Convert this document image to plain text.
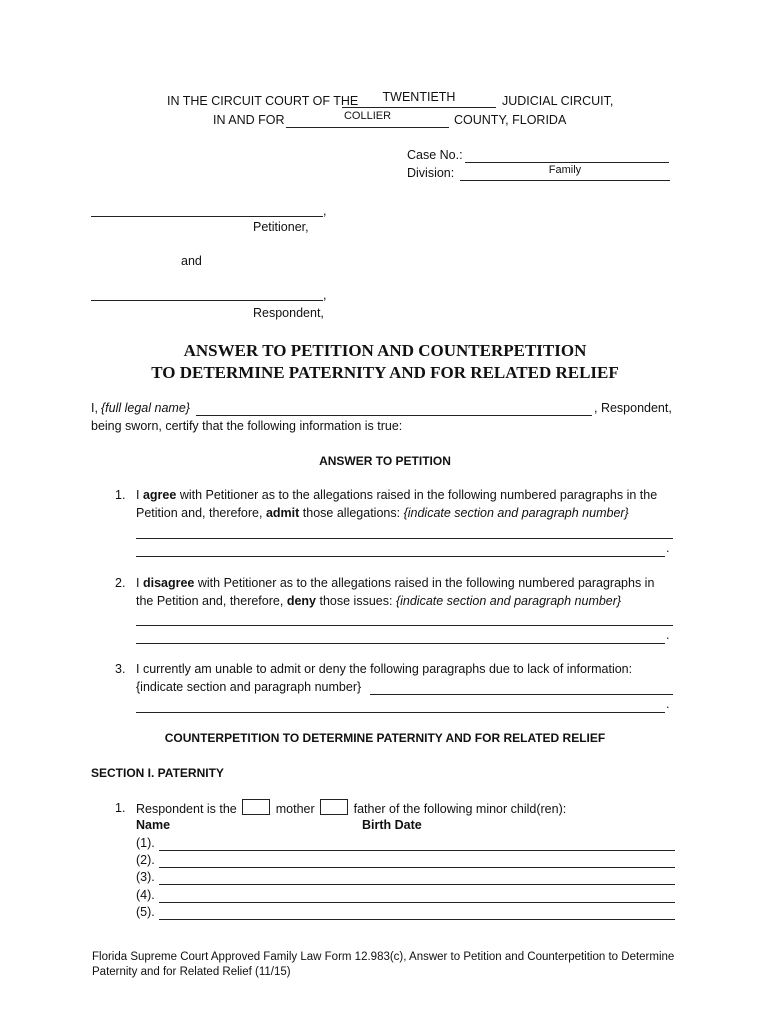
IN THE CIRCUIT COURT OF THE	TWENTIETH	JUDICIAL CIRCUIT,
IN AND FOR	COLLIER	COUNTY, FLORIDA
Case No.:
Division:	Family
,
Petitioner,
and
,
Respondent,
ANSWER TO PETITION AND COUNTERPETITION
TO DETERMINE PATERNITY AND FOR RELATED RELIEF
I, {full legal name}	, Respondent,
being sworn, certify that the following information is true:
ANSWER TO PETITION
1. I agree with Petitioner as to the allegations raised in the following numbered paragraphs in the
Petition and, therefore, admit those allegations: {indicate section and paragraph number}
.
2. I disagree with Petitioner as to the allegations raised in the following numbered paragraphs in
the Petition and, therefore, deny those issues: {indicate section and paragraph number}
.
3. I currently am unable to admit or deny the following paragraphs due to lack of information:
{indicate section and paragraph number}
.
COUNTERPETITION TO DETERMINE PATERNITY AND FOR RELATED RELIEF
SECTION I. PATERNITY
1. Respondent is the	mother	father of the following minor child(ren):
Name	Birth Date
(1).
(2).
(3).
(4).
(5).
Florida Supreme Court Approved Family Law Form 12.983(c), Answer to Petition and Counterpetition to Determine Paternity and for Related Relief (11/15)
